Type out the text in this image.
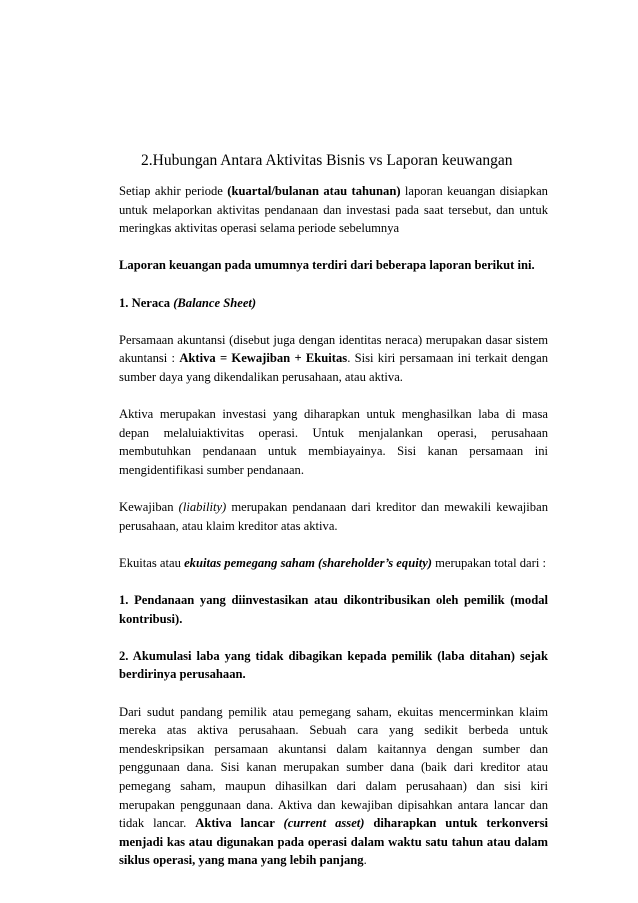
2.Hubungan Antara Aktivitas Bisnis vs Laporan keuwangan

Setiap akhir periode (kuartal/bulanan atau tahunan) laporan keuangan disiapkan untuk melaporkan aktivitas pendanaan dan investasi pada saat tersebut, dan untuk meringkas aktivitas operasi selama periode sebelumnya

Laporan keuangan pada umumnya terdiri dari beberapa laporan berikut ini.

1. Neraca (Balance Sheet)

Persamaan akuntansi (disebut juga dengan identitas neraca) merupakan dasar sistem akuntansi : Aktiva = Kewajiban + Ekuitas. Sisi kiri persamaan ini terkait dengan sumber daya yang dikendalikan perusahaan, atau aktiva.

Aktiva merupakan investasi yang diharapkan untuk menghasilkan laba di masa depan melaluiaktivitas operasi. Untuk menjalankan operasi, perusahaan membutuhkan pendanaan untuk membiayainya. Sisi kanan persamaan ini mengidentifikasi sumber pendanaan.

Kewajiban (liability) merupakan pendanaan dari kreditor dan mewakili kewajiban perusahaan, atau klaim kreditor atas aktiva.

Ekuitas atau ekuitas pemegang saham (shareholder’s equity) merupakan total dari :

1. Pendanaan yang diinvestasikan atau dikontribusikan oleh pemilik (modal kontribusi).

2. Akumulasi laba yang tidak dibagikan kepada pemilik (laba ditahan) sejak berdirinya perusahaan.

Dari sudut pandang pemilik atau pemegang saham, ekuitas mencerminkan klaim mereka atas aktiva perusahaan. Sebuah cara yang sedikit berbeda untuk mendeskripsikan persamaan akuntansi dalam kaitannya dengan sumber dan penggunaan dana. Sisi kanan merupakan sumber dana (baik dari kreditor atau pemegang saham, maupun dihasilkan dari dalam perusahaan) dan sisi kiri merupakan penggunaan dana. Aktiva dan kewajiban dipisahkan antara lancar dan tidak lancar. Aktiva lancar (current asset) diharapkan untuk terkonversi menjadi kas atau digunakan pada operasi dalam waktu satu tahun atau dalam siklus operasi, yang mana yang lebih panjang.
